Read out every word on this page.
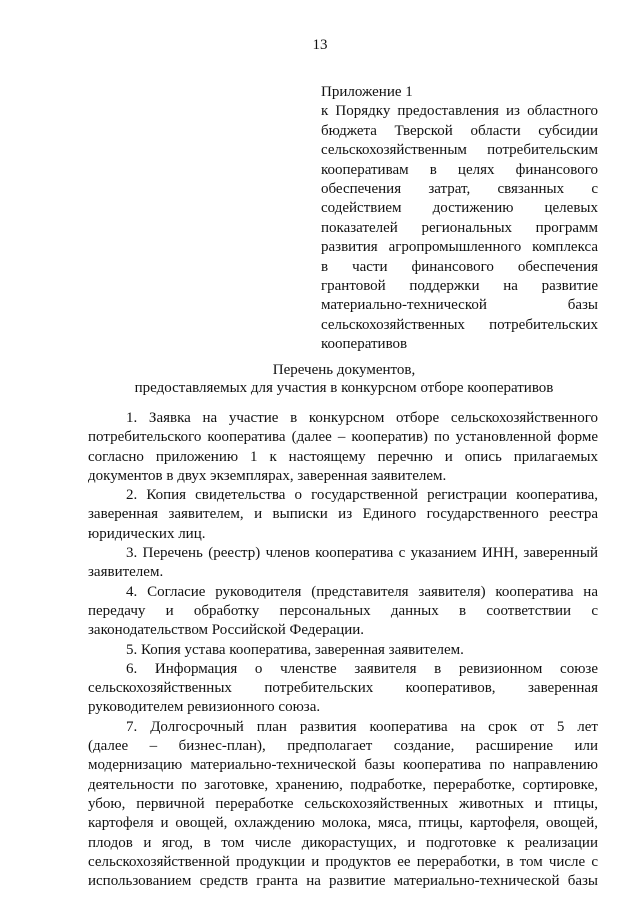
13
Приложение 1
к Порядку предоставления из областного
бюджета Тверской области субсидии
сельскохозяйственным потребительским
кооперативам в целях финансового
обеспечения затрат, связанных с
содействием достижению целевых
показателей региональных программ
развития агропромышленного комплекса
в части финансового обеспечения
грантовой поддержки на развитие
материально-технической базы
сельскохозяйственных потребительских
кооперативов
Перечень документов,
предоставляемых для участия в конкурсном отборе кооперативов
1. Заявка на участие в конкурсном отборе сельскохозяйственного
потребительского кооператива (далее – кооператив) по установленной форме
согласно приложению 1 к настоящему перечню и опись прилагаемых
документов в двух экземплярах, заверенная заявителем.
2. Копия свидетельства о государственной регистрации кооператива,
заверенная заявителем, и выписки из Единого государственного реестра
юридических лиц.
3. Перечень (реестр) членов кооператива с указанием ИНН, заверенный
заявителем.
4. Согласие руководителя (представителя заявителя) кооператива на
передачу и обработку персональных данных в соответствии с
законодательством Российской Федерации.
5. Копия устава кооператива, заверенная заявителем.
6. Информация о членстве заявителя в ревизионном союзе
сельскохозяйственных потребительских кооперативов, заверенная
руководителем ревизионного союза.
7. Долгосрочный план развития кооператива на срок от 5 лет
(далее – бизнес-план), предполагает создание, расширение или
модернизацию материально-технической базы кооператива по направлению
деятельности по заготовке, хранению, подработке, переработке, сортировке,
убою, первичной переработке сельскохозяйственных животных и птицы,
картофеля и овощей, охлаждению молока, мяса, птицы, картофеля, овощей,
плодов и ягод, в том числе дикорастущих, и подготовке к реализации
сельскохозяйственной продукции и продуктов ее переработки, в том числе с
использованием средств гранта на развитие материально-технической базы
